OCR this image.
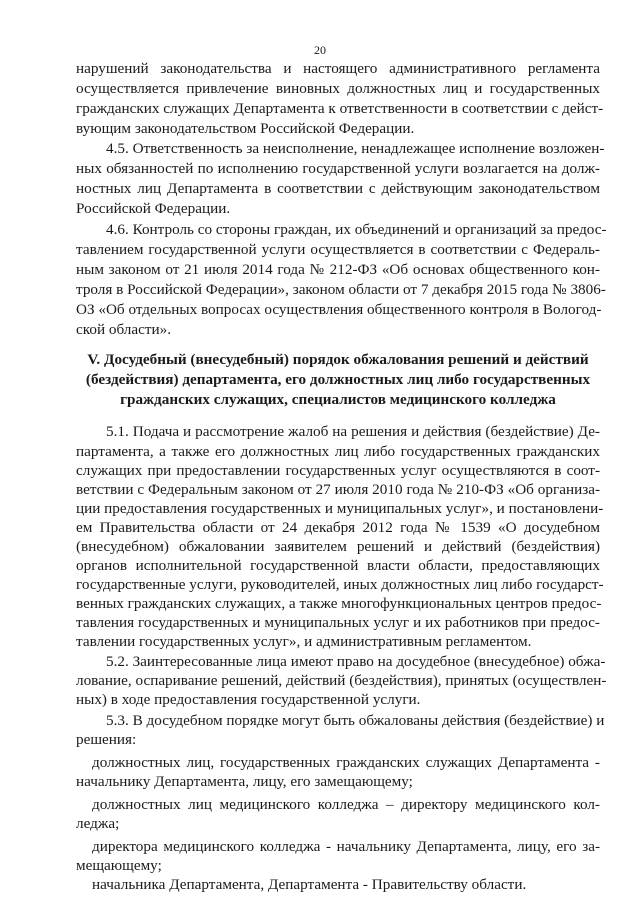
20
нарушений законодательства и настоящего административного регламента
осуществляется привлечение виновных должностных лиц и государственных
гражданских служащих Департамента к ответственности в соответствии с дейст-
вующим законодательством Российской Федерации.
4.5. Ответственность за неисполнение, ненадлежащее исполнение возложен-
ных обязанностей по исполнению государственной услуги возлагается на долж-
ностных лиц Департамента в соответствии с действующим законодательством
Российской Федерации.
4.6. Контроль со стороны граждан, их объединений и организаций за предос-
тавлением государственной услуги осуществляется в соответствии с Федераль-
ным законом от 21 июля 2014 года № 212-ФЗ «Об основах общественного кон-
троля в Российской Федерации», законом области от 7 декабря 2015 года № 3806-
ОЗ «Об отдельных вопросах осуществления общественного контроля в Вологод-
ской области».
V. Досудебный (внесудебный) порядок обжалования решений и действий
(бездействия) департамента, его должностных лиц либо государственных
гражданских служащих, специалистов медицинского колледжа
5.1. Подача и рассмотрение жалоб на решения и действия (бездействие) Де-
партамента, а также его должностных лиц либо государственных гражданских
служащих при предоставлении государственных услуг осуществляются в соот-
ветствии с Федеральным законом от 27 июля 2010 года № 210-ФЗ «Об организа-
ции предоставления государственных и муниципальных услуг», и постановлени-
ем Правительства области от 24 декабря 2012 года № 1539 «О досудебном
(внесудебном) обжаловании заявителем решений и действий (бездействия)
органов исполнительной государственной власти области, предоставляющих
государственные услуги, руководителей, иных должностных лиц либо государст-
венных гражданских служащих, а также многофункциональных центров предос-
тавления государственных и муниципальных услуг и их работников при предос-
тавлении государственных услуг», и административным регламентом.
5.2. Заинтересованные лица имеют право на досудебное (внесудебное) обжа-
лование, оспаривание решений, действий (бездействия), принятых (осуществлен-
ных) в ходе предоставления государственной услуги.
5.3. В досудебном порядке могут быть обжалованы действия (бездействие) и
решения:
должностных лиц, государственных гражданских служащих Департамента -
начальнику Департамента, лицу, его замещающему;
должностных лиц медицинского колледжа – директору медицинского кол-
леджа;
директора медицинского колледжа - начальнику Департамента, лицу, его за-
мещающему;
начальника Департамента, Департамента - Правительству области.
